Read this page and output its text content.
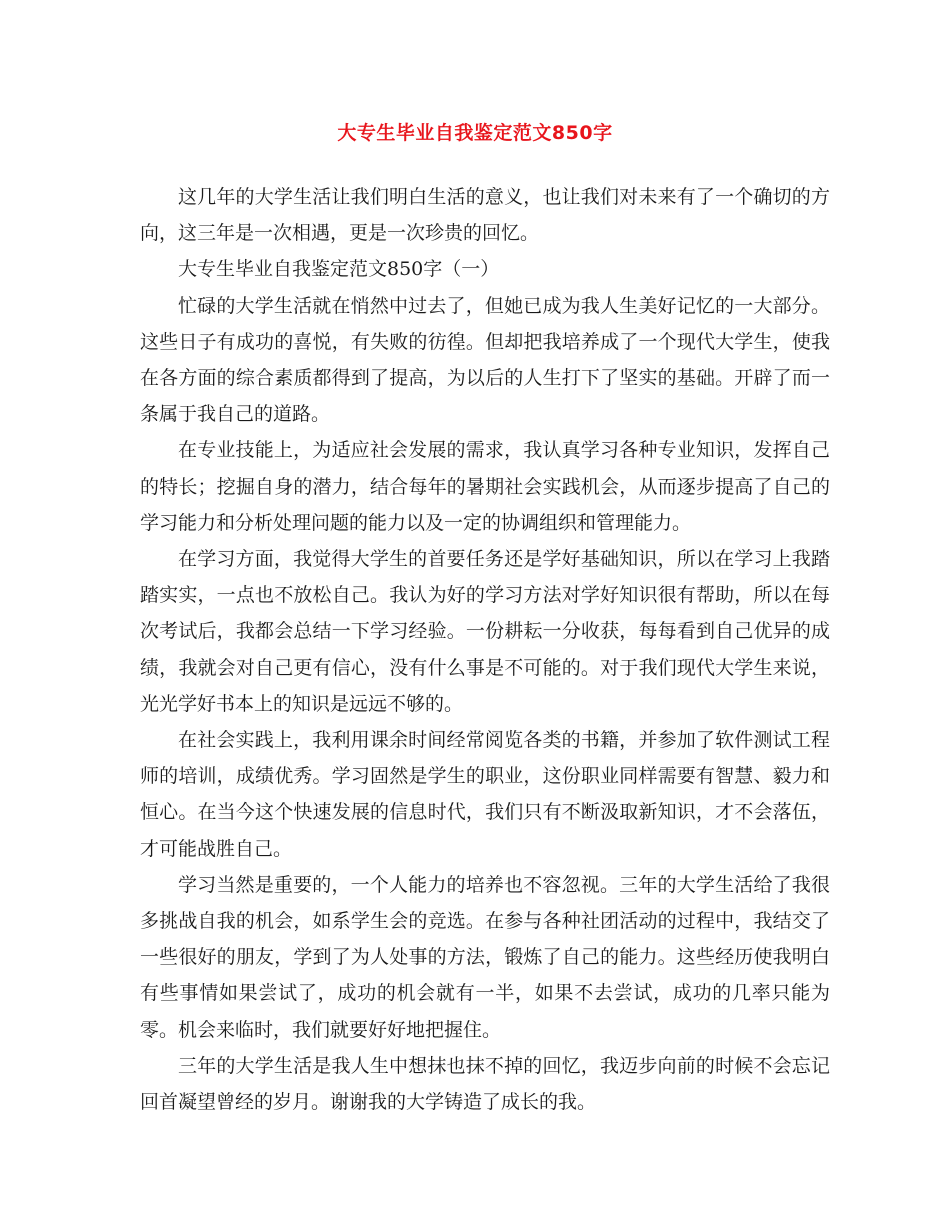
大专生毕业自我鉴定范文850字

这几年的大学生活让我们明白生活的意义，也让我们对未来有了一个确切的方向，这三年是一次相遇，更是一次珍贵的回忆。

大专生毕业自我鉴定范文850字（一）

忙碌的大学生活就在悄然中过去了，但她已成为我人生美好记忆的一大部分。这些日子有成功的喜悦，有失败的彷徨。但却把我培养成了一个现代大学生，使我在各方面的综合素质都得到了提高，为以后的人生打下了坚实的基础。开辟了而一条属于我自己的道路。

在专业技能上，为适应社会发展的需求，我认真学习各种专业知识，发挥自己的特长；挖掘自身的潜力，结合每年的暑期社会实践机会，从而逐步提高了自己的学习能力和分析处理问题的能力以及一定的协调组织和管理能力。

在学习方面，我觉得大学生的首要任务还是学好基础知识，所以在学习上我踏踏实实，一点也不放松自己。我认为好的学习方法对学好知识很有帮助，所以在每次考试后，我都会总结一下学习经验。一份耕耘一分收获，每每看到自己优异的成绩，我就会对自己更有信心，没有什么事是不可能的。对于我们现代大学生来说，光光学好书本上的知识是远远不够的。

在社会实践上，我利用课余时间经常阅览各类的书籍，并参加了软件测试工程师的培训，成绩优秀。学习固然是学生的职业，这份职业同样需要有智慧、毅力和恒心。在当今这个快速发展的信息时代，我们只有不断汲取新知识，才不会落伍，才可能战胜自己。

学习当然是重要的，一个人能力的培养也不容忽视。三年的大学生活给了我很多挑战自我的机会，如系学生会的竞选。在参与各种社团活动的过程中，我结交了一些很好的朋友，学到了为人处事的方法，锻炼了自己的能力。这些经历使我明白有些事情如果尝试了，成功的机会就有一半，如果不去尝试，成功的几率只能为零。机会来临时，我们就要好好地把握住。

三年的大学生活是我人生中想抹也抹不掉的回忆，我迈步向前的时候不会忘记回首凝望曾经的岁月。谢谢我的大学铸造了成长的我。
